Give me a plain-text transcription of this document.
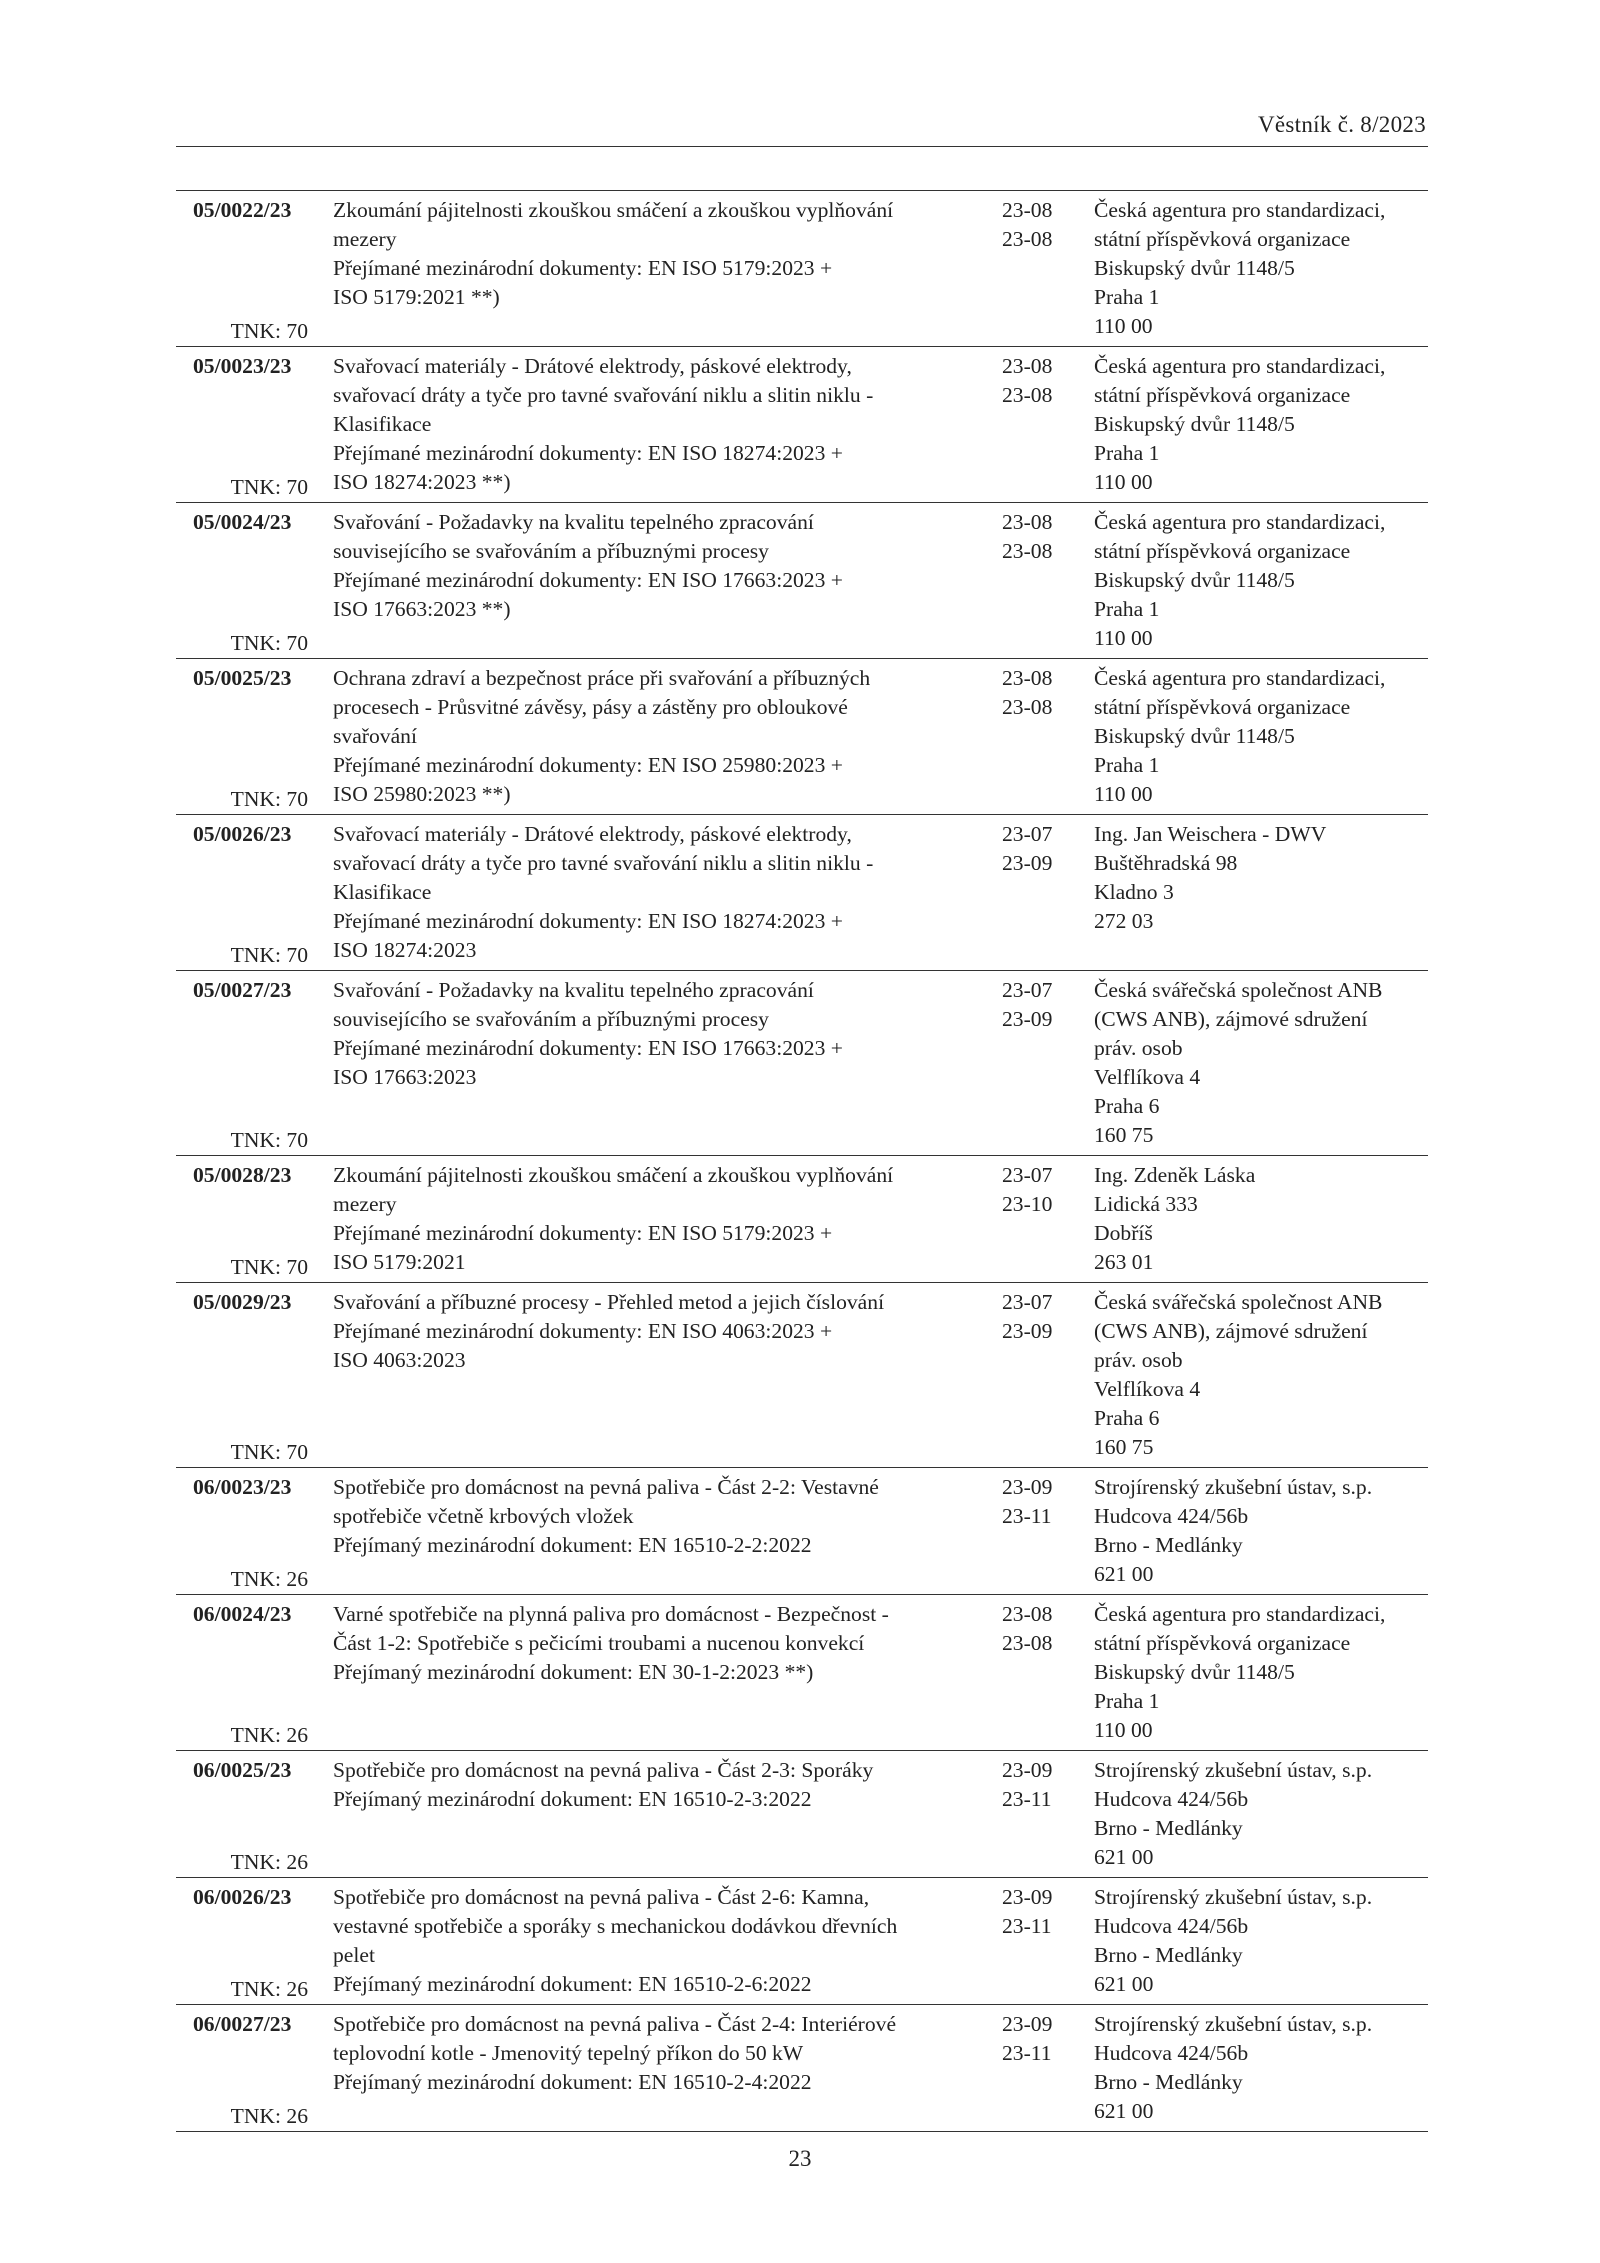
Věstník č. 8/2023
05/0022/23
TNK: 70
Zkoumání pájitelnosti zkouškou smáčení a zkouškou vyplňování
mezery
Přejímané mezinárodní dokumenty: EN ISO 5179:2023 +
ISO 5179:2021 **)
23-08
23-08
Česká agentura pro standardizaci,
státní příspěvková organizace
Biskupský dvůr 1148/5
Praha 1
110 00
05/0023/23
TNK: 70
Svařovací materiály - Drátové elektrody, páskové elektrody,
svařovací dráty a tyče pro tavné svařování niklu a slitin niklu -
Klasifikace
Přejímané mezinárodní dokumenty: EN ISO 18274:2023 +
ISO 18274:2023 **)
23-08
23-08
Česká agentura pro standardizaci,
státní příspěvková organizace
Biskupský dvůr 1148/5
Praha 1
110 00
05/0024/23
TNK: 70
Svařování - Požadavky na kvalitu tepelného zpracování
souvisejícího se svařováním a příbuznými procesy
Přejímané mezinárodní dokumenty: EN ISO 17663:2023 +
ISO 17663:2023 **)
23-08
23-08
Česká agentura pro standardizaci,
státní příspěvková organizace
Biskupský dvůr 1148/5
Praha 1
110 00
05/0025/23
TNK: 70
Ochrana zdraví a bezpečnost práce při svařování a příbuzných
procesech - Průsvitné závěsy, pásy a zástěny pro obloukové
svařování
Přejímané mezinárodní dokumenty: EN ISO 25980:2023 +
ISO 25980:2023 **)
23-08
23-08
Česká agentura pro standardizaci,
státní příspěvková organizace
Biskupský dvůr 1148/5
Praha 1
110 00
05/0026/23
TNK: 70
Svařovací materiály - Drátové elektrody, páskové elektrody,
svařovací dráty a tyče pro tavné svařování niklu a slitin niklu -
Klasifikace
Přejímané mezinárodní dokumenty: EN ISO 18274:2023 +
ISO 18274:2023
23-07
23-09
Ing. Jan Weischera - DWV
Buštěhradská 98
Kladno 3
272 03
05/0027/23
TNK: 70
Svařování - Požadavky na kvalitu tepelného zpracování
souvisejícího se svařováním a příbuznými procesy
Přejímané mezinárodní dokumenty: EN ISO 17663:2023 +
ISO 17663:2023
23-07
23-09
Česká svářečská společnost ANB
(CWS ANB), zájmové sdružení
práv. osob
Velflíkova 4
Praha 6
160 75
05/0028/23
TNK: 70
Zkoumání pájitelnosti zkouškou smáčení a zkouškou vyplňování
mezery
Přejímané mezinárodní dokumenty: EN ISO 5179:2023 +
ISO 5179:2021
23-07
23-10
Ing. Zdeněk Láska
Lidická 333
Dobříš
263 01
05/0029/23
TNK: 70
Svařování a příbuzné procesy - Přehled metod a jejich číslování
Přejímané mezinárodní dokumenty: EN ISO 4063:2023 +
ISO 4063:2023
23-07
23-09
Česká svářečská společnost ANB
(CWS ANB), zájmové sdružení
práv. osob
Velflíkova 4
Praha 6
160 75
06/0023/23
TNK: 26
Spotřebiče pro domácnost na pevná paliva - Část 2-2: Vestavné
spotřebiče včetně krbových vložek
Přejímaný mezinárodní dokument: EN 16510-2-2:2022
23-09
23-11
Strojírenský zkušební ústav, s.p.
Hudcova 424/56b
Brno - Medlánky
621 00
06/0024/23
TNK: 26
Varné spotřebiče na plynná paliva pro domácnost - Bezpečnost -
Část 1-2: Spotřebiče s pečicími troubami a nucenou konvekcí
Přejímaný mezinárodní dokument: EN 30-1-2:2023 **)
23-08
23-08
Česká agentura pro standardizaci,
státní příspěvková organizace
Biskupský dvůr 1148/5
Praha 1
110 00
06/0025/23
TNK: 26
Spotřebiče pro domácnost na pevná paliva - Část 2-3: Sporáky
Přejímaný mezinárodní dokument: EN 16510-2-3:2022
23-09
23-11
Strojírenský zkušební ústav, s.p.
Hudcova 424/56b
Brno - Medlánky
621 00
06/0026/23
TNK: 26
Spotřebiče pro domácnost na pevná paliva - Část 2-6: Kamna,
vestavné spotřebiče a sporáky s mechanickou dodávkou dřevních
pelet
Přejímaný mezinárodní dokument: EN 16510-2-6:2022
23-09
23-11
Strojírenský zkušební ústav, s.p.
Hudcova 424/56b
Brno - Medlánky
621 00
06/0027/23
TNK: 26
Spotřebiče pro domácnost na pevná paliva - Část 2-4: Interiérové
teplovodní kotle - Jmenovitý tepelný příkon do 50 kW
Přejímaný mezinárodní dokument: EN 16510-2-4:2022
23-09
23-11
Strojírenský zkušební ústav, s.p.
Hudcova 424/56b
Brno - Medlánky
621 00
23
